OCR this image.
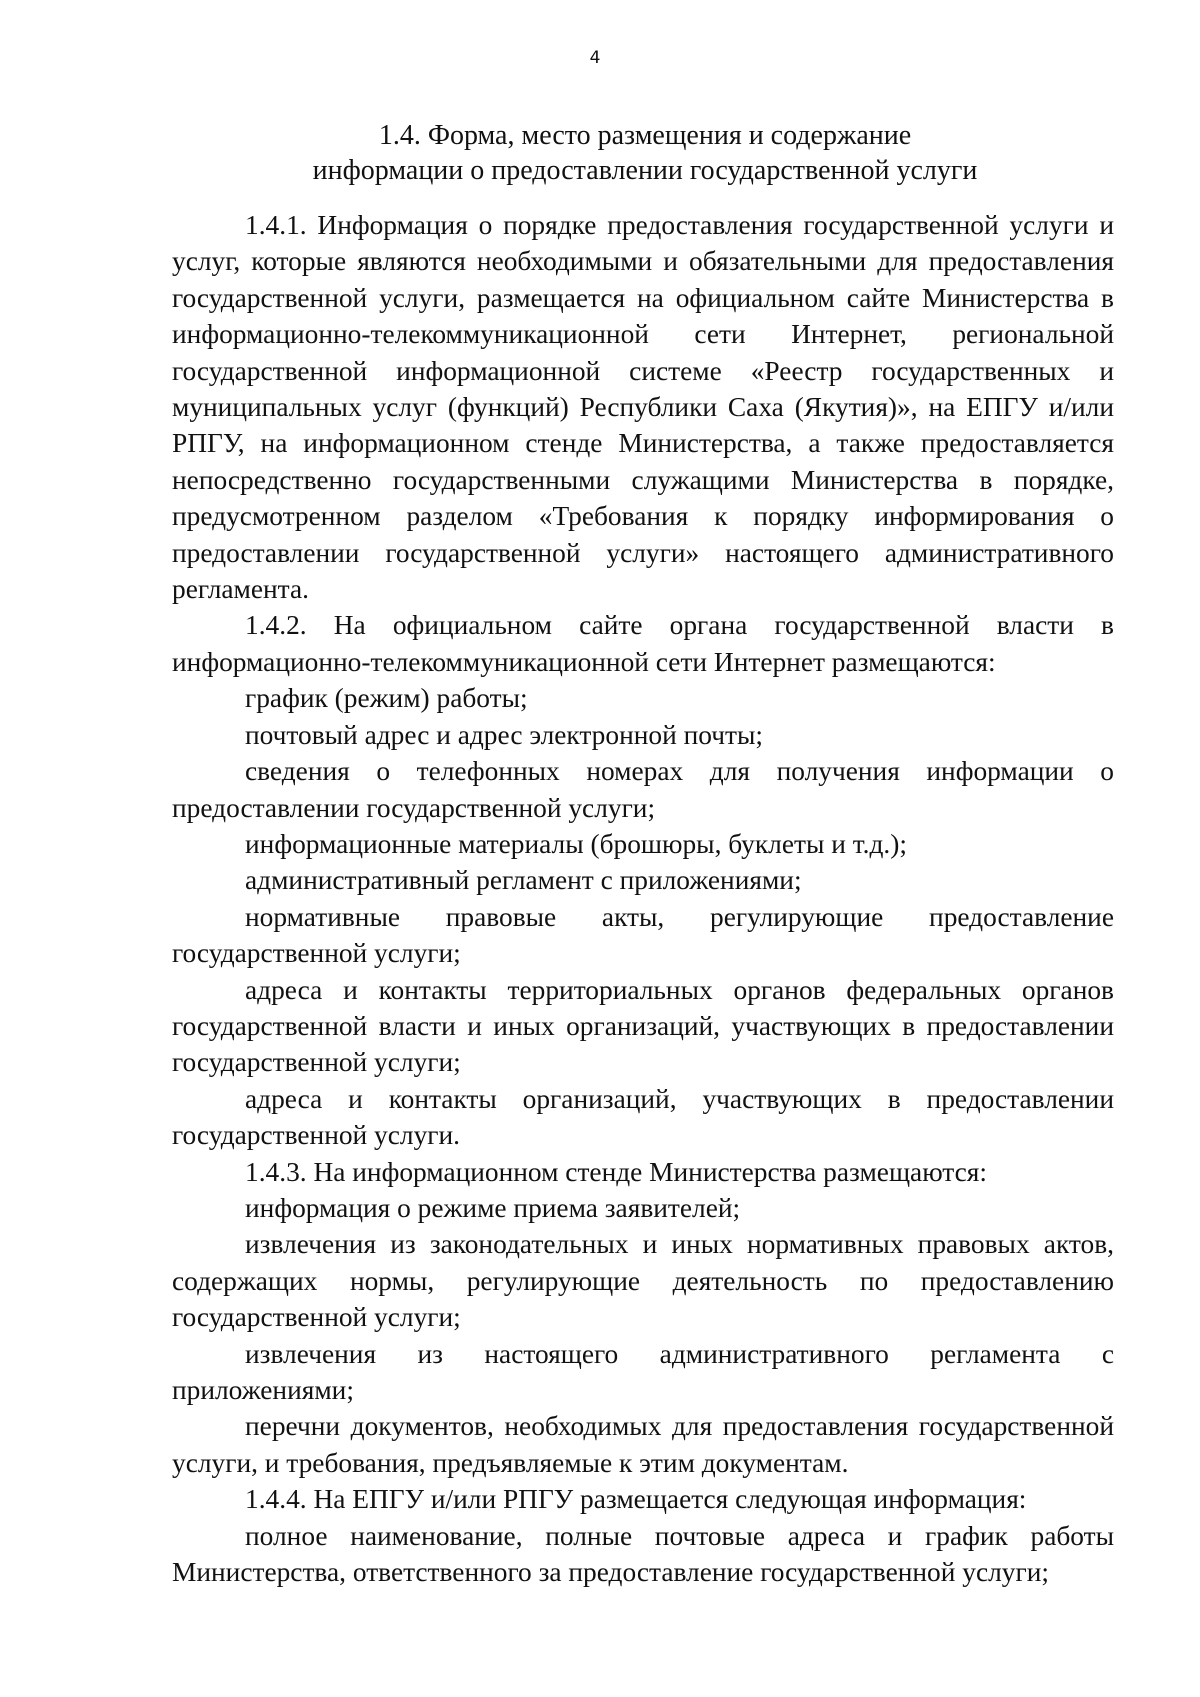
4
1.4. Форма, место размещения и содержание
информации о предоставлении государственной услуги

1.4.1. Информация о порядке предоставления государственной услуги и услуг, которые являются необходимыми и обязательными для предоставления государственной услуги, размещается на официальном сайте Министерства в информационно-телекоммуникационной сети Интернет, региональной государственной информационной системе «Реестр государственных и муниципальных услуг (функций) Республики Саха (Якутия)», на ЕПГУ и/или РПГУ, на информационном стенде Министерства, а также предоставляется непосредственно государственными служащими Министерства в порядке, предусмотренном разделом «Требования к порядку информирования о предоставлении государственной услуги» настоящего административного регламента.

1.4.2. На официальном сайте органа государственной власти в информационно-телекоммуникационной сети Интернет размещаются:

график (режим) работы;

почтовый адрес и адрес электронной почты;

сведения о телефонных номерах для получения информации о предоставлении государственной услуги;

информационные материалы (брошюры, буклеты и т.д.);

административный регламент с приложениями;

нормативные правовые акты, регулирующие предоставление государственной услуги;

адреса и контакты территориальных органов федеральных органов государственной власти и иных организаций, участвующих в предоставлении государственной услуги;

адреса и контакты организаций, участвующих в предоставлении государственной услуги.

1.4.3. На информационном стенде Министерства размещаются:

информация о режиме приема заявителей;

извлечения из законодательных и иных нормативных правовых актов, содержащих нормы, регулирующие деятельность по предоставлению государственной услуги;

извлечения из настоящего административного регламента с приложениями;

перечни документов, необходимых для предоставления государственной услуги, и требования, предъявляемые к этим документам.

1.4.4. На ЕПГУ и/или РПГУ размещается следующая информация:

полное наименование, полные почтовые адреса и график работы Министерства, ответственного за предоставление государственной услуги;
